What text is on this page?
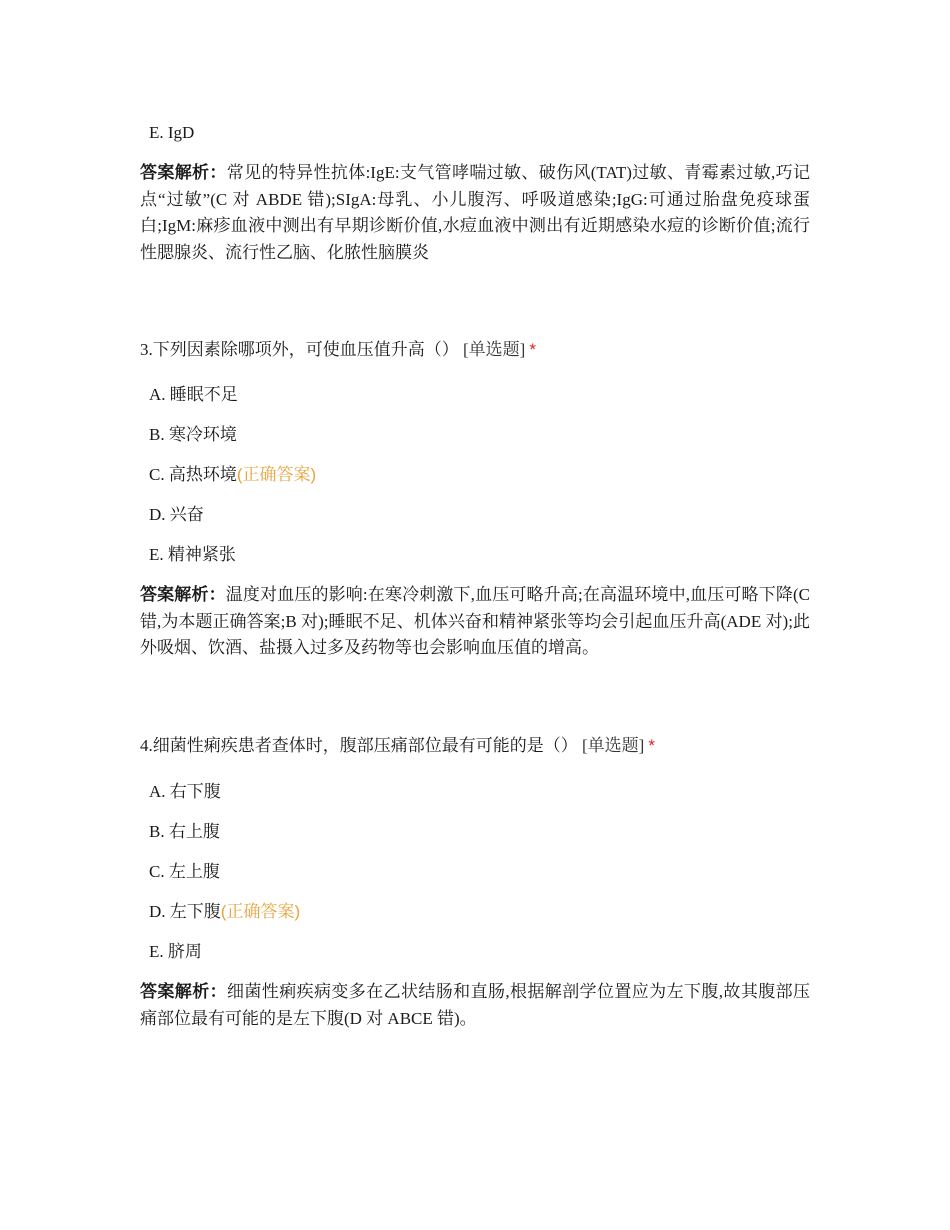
E. IgD
答案解析：常见的特异性抗体:IgE:支气管哮喘过敏、破伤风(TAT)过敏、青霉素过敏,巧记点“过敏”(C 对 ABDE 错);SIgA:母乳、小儿腹泻、呼吸道感染;IgG:可通过胎盘免疫球蛋白;IgM:麻疹血液中测出有早期诊断价值,水痘血液中测出有近期感染水痘的诊断价值;流行性腮腺炎、流行性乙脑、化脓性脑膜炎
3.下列因素除哪项外，可使血压值升高（） [单选题] *
A. 睡眠不足
B. 寒冷环境
C. 高热环境(正确答案)
D. 兴奋
E. 精神紧张
答案解析：温度对血压的影响:在寒冷刺激下,血压可略升高;在高温环境中,血压可略下降(C 错,为本题正确答案;B 对);睡眠不足、机体兴奋和精神紧张等均会引起血压升高(ADE 对);此外吸烟、饮酒、盐摄入过多及药物等也会影响血压值的增高。
4.细菌性痢疾患者查体时，腹部压痛部位最有可能的是（） [单选题] *
A. 右下腹
B. 右上腹
C. 左上腹
D. 左下腹(正确答案)
E. 脐周
答案解析：细菌性痢疾病变多在乙状结肠和直肠,根据解剖学位置应为左下腹,故其腹部压痛部位最有可能的是左下腹(D 对 ABCE 错)。
